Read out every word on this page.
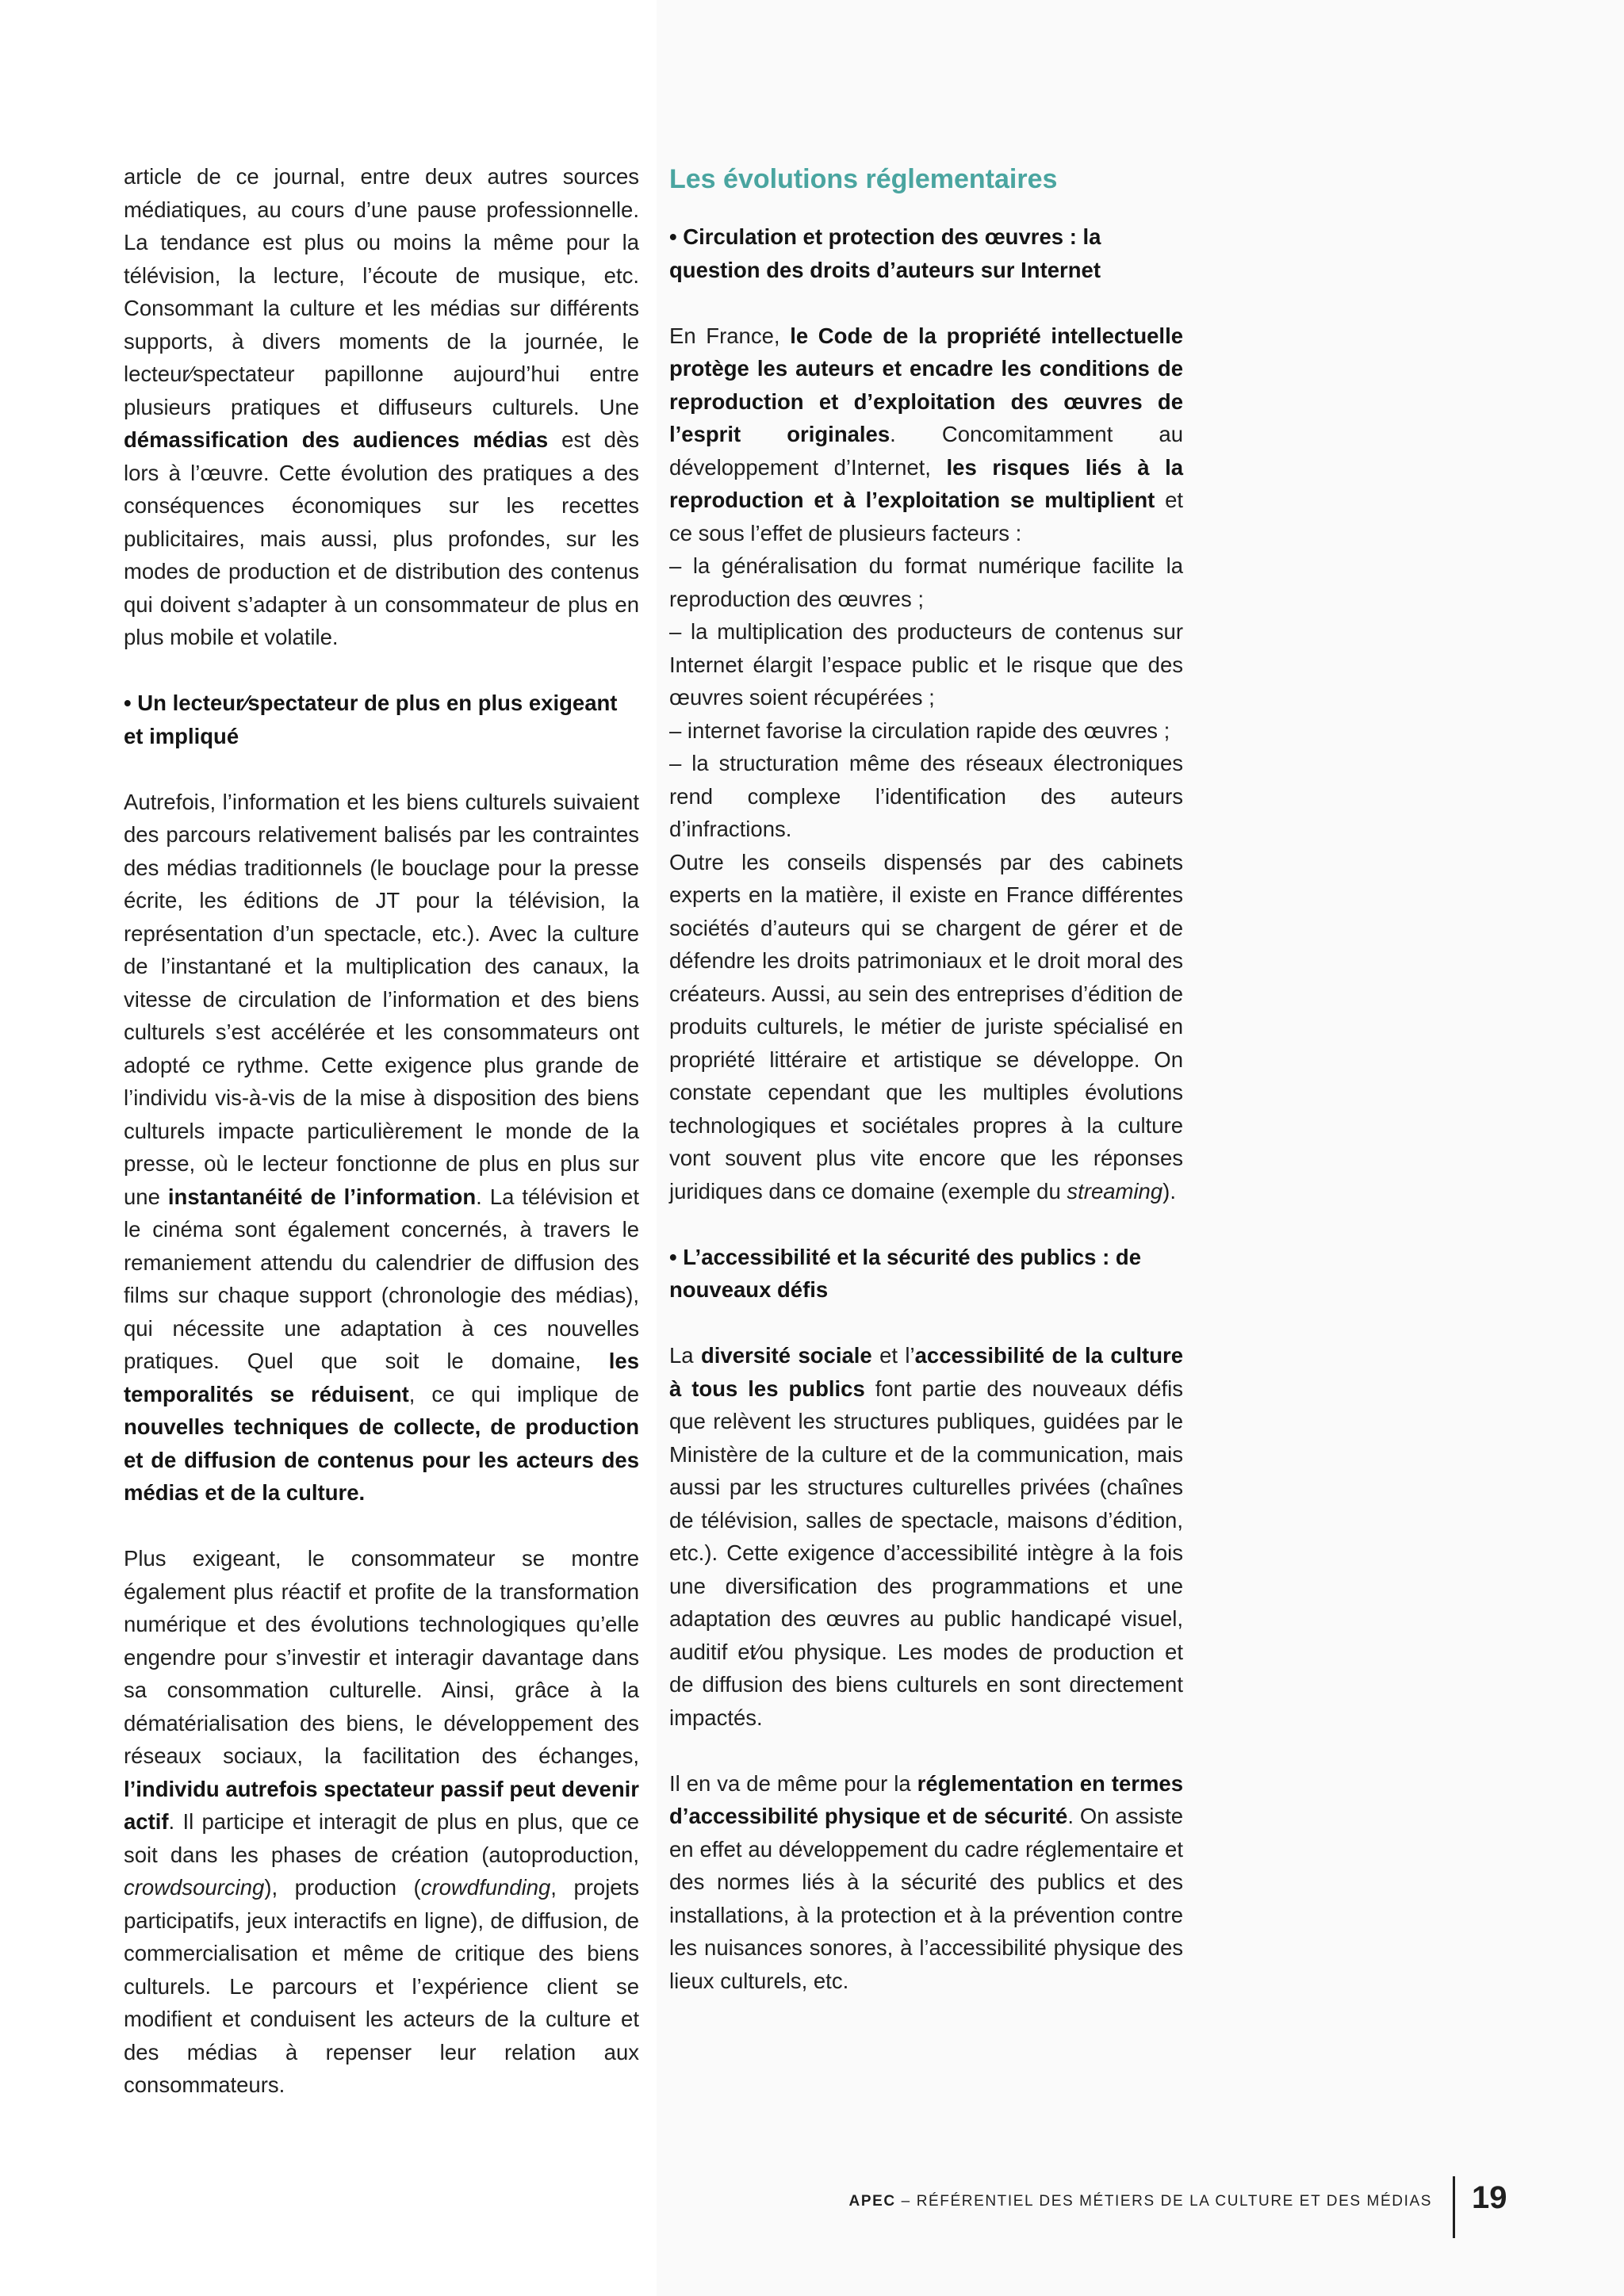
article de ce journal, entre deux autres sources médiatiques, au cours d’une pause professionnelle. La tendance est plus ou moins la même pour la télévision, la lecture, l’écoute de musique, etc. Consommant la culture et les médias sur différents supports, à divers moments de la journée, le lecteur∕spectateur papillonne aujourd’hui entre plusieurs pratiques et diffuseurs culturels. Une démassification des audiences médias est dès lors à l’œuvre. Cette évolution des pratiques a des conséquences économiques sur les recettes publicitaires, mais aussi, plus profondes, sur les modes de production et de distribution des contenus qui doivent s’adapter à un consommateur de plus en plus mobile et volatile.

• Un lecteur∕spectateur de plus en plus exigeant et impliqué

Autrefois, l’information et les biens culturels suivaient des parcours relativement balisés par les contraintes des médias traditionnels (le bouclage pour la presse écrite, les éditions de JT pour la télévision, la représentation d’un spectacle, etc.). Avec la culture de l’instantané et la multiplication des canaux, la vitesse de circulation de l’information et des biens culturels s’est accélérée et les consommateurs ont adopté ce rythme. Cette exigence plus grande de l’individu vis-à-vis de la mise à disposition des biens culturels impacte particulièrement le monde de la presse, où le lecteur fonctionne de plus en plus sur une instantanéité de l’information. La télévision et le cinéma sont également concernés, à travers le remaniement attendu du calendrier de diffusion des films sur chaque support (chronologie des médias), qui nécessite une adaptation à ces nouvelles pratiques. Quel que soit le domaine, les temporalités se réduisent, ce qui implique de nouvelles techniques de collecte, de production et de diffusion de contenus pour les acteurs des médias et de la culture.

Plus exigeant, le consommateur se montre également plus réactif et profite de la transformation numérique et des évolutions technologiques qu’elle engendre pour s’investir et interagir davantage dans sa consommation culturelle. Ainsi, grâce à la dématérialisation des biens, le développement des réseaux sociaux, la facilitation des échanges, l’individu autrefois spectateur passif peut devenir actif. Il participe et interagit de plus en plus, que ce soit dans les phases de création (autoproduction, crowdsourcing), production (crowdfunding, projets participatifs, jeux interactifs en ligne), de diffusion, de commercialisation et même de critique des biens culturels. Le parcours et l’expérience client se modifient et conduisent les acteurs de la culture et des médias à repenser leur relation aux consommateurs.

Les évolutions réglementaires

• Circulation et protection des œuvres : la question des droits d’auteurs sur Internet

En France, le Code de la propriété intellectuelle protège les auteurs et encadre les conditions de reproduction et d’exploitation des œuvres de l’esprit originales. Concomitamment au développement d’Internet, les risques liés à la reproduction et à l’exploitation se multiplient et ce sous l’effet de plusieurs facteurs :

– la généralisation du format numérique facilite la reproduction des œuvres ;

– la multiplication des producteurs de contenus sur Internet élargit l’espace public et le risque que des œuvres soient récupérées ;

– internet favorise la circulation rapide des œuvres ;

– la structuration même des réseaux électroniques rend complexe l’identification des auteurs d’infractions.

Outre les conseils dispensés par des cabinets experts en la matière, il existe en France différentes sociétés d’auteurs qui se chargent de gérer et de défendre les droits patrimoniaux et le droit moral des créateurs. Aussi, au sein des entreprises d’édition de produits culturels, le métier de juriste spécialisé en propriété littéraire et artistique se développe. On constate cependant que les multiples évolutions technologiques et sociétales propres à la culture vont souvent plus vite encore que les réponses juridiques dans ce domaine (exemple du streaming).

• L’accessibilité et la sécurité des publics : de nouveaux défis

La diversité sociale et l’accessibilité de la culture à tous les publics font partie des nouveaux défis que relèvent les structures publiques, guidées par le Ministère de la culture et de la communication, mais aussi par les structures culturelles privées (chaînes de télévision, salles de spectacle, maisons d’édition, etc.). Cette exigence d’accessibilité intègre à la fois une diversification des programmations et une adaptation des œuvres au public handicapé visuel, auditif et∕ou physique. Les modes de production et de diffusion des biens culturels en sont directement impactés.

Il en va de même pour la réglementation en termes d’accessibilité physique et de sécurité. On assiste en effet au développement du cadre réglementaire et des normes liés à la sécurité des publics et des installations, à la protection et à la prévention contre les nuisances sonores, à l’accessibilité physique des lieux culturels, etc.

APEC – RÉFÉRENTIEL DES MÉTIERS DE LA CULTURE ET DES MÉDIAS 19
